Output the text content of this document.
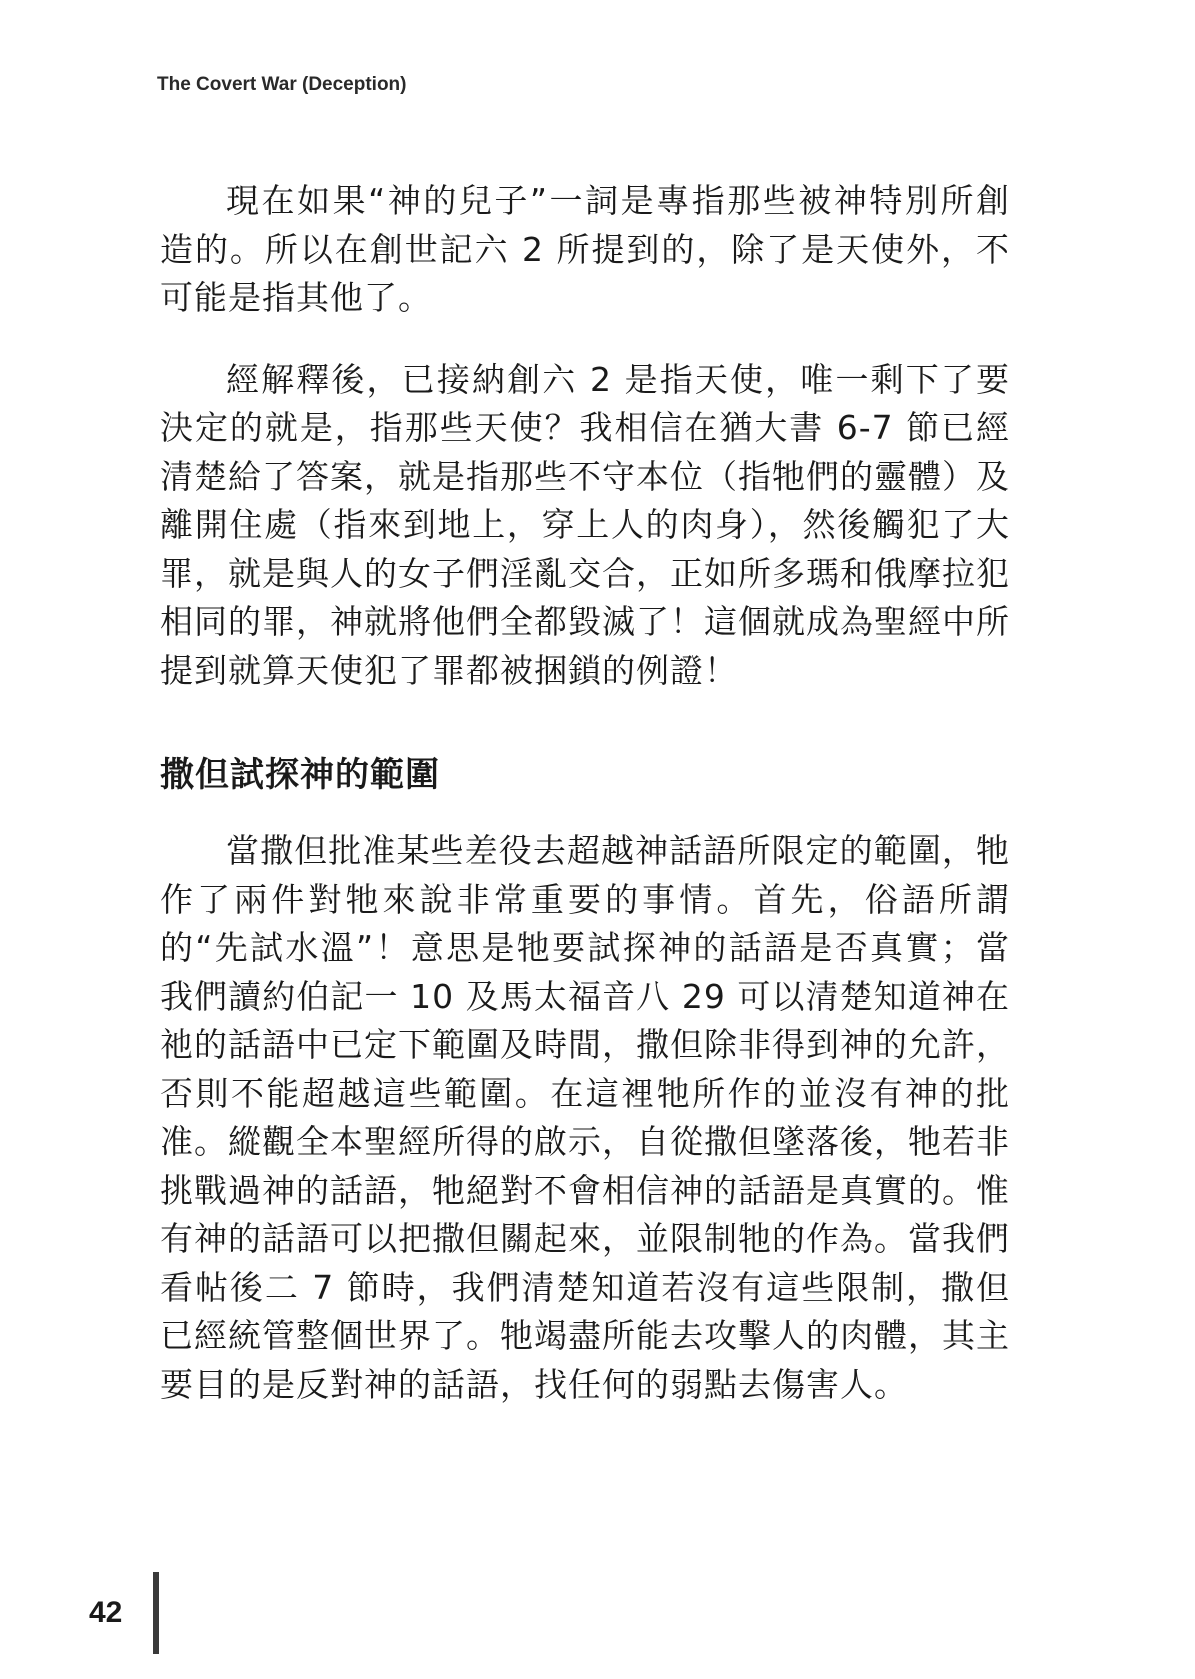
The Covert War (Deception)

現在如果“神的兒子”一詞是專指那些被神特別所創造的。所以在創世記六 2 所提到的，除了是天使外，不可能是指其他了。

經解釋後，已接納創六 2 是指天使，唯一剩下了要決定的就是，指那些天使？我相信在猶大書 6-7 節已經清楚給了答案，就是指那些不守本位（指牠們的靈體）及離開住處（指來到地上，穿上人的肉身），然後觸犯了大罪，就是與人的女子們淫亂交合，正如所多瑪和俄摩拉犯相同的罪，神就將他們全都毀滅了！這個就成為聖經中所提到就算天使犯了罪都被捆鎖的例證！

撒但試探神的範圍

當撒但批准某些差役去超越神話語所限定的範圍，牠作了兩件對牠來說非常重要的事情。首先，俗語所謂的“先試水溫”！意思是牠要試探神的話語是否真實；當我們讀約伯記一 10 及馬太福音八 29 可以清楚知道神在祂的話語中已定下範圍及時間，撒但除非得到神的允許，否則不能超越這些範圍。在這裡牠所作的並沒有神的批准。縱觀全本聖經所得的啟示，自從撒但墜落後，牠若非挑戰過神的話語，牠絕對不會相信神的話語是真實的。惟有神的話語可以把撒但關起來，並限制牠的作為。當我們看帖後二 7 節時，我們清楚知道若沒有這些限制，撒但已經統管整個世界了。牠竭盡所能去攻擊人的肉體，其主要目的是反對神的話語，找任何的弱點去傷害人。

42
